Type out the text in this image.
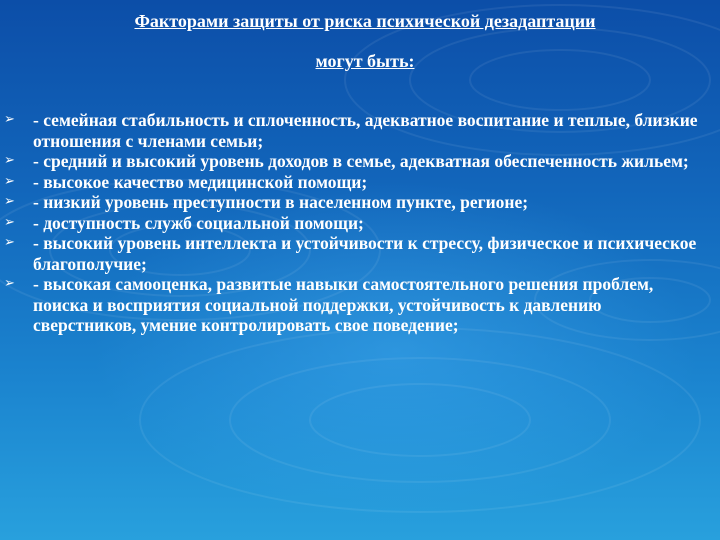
Факторами защиты от риска психической дезадаптации
могут быть:
➢ - семейная стабильность и сплоченность, адекватное воспитание и теплые, близкие отношения с членами семьи;
➢ - средний и высокий уровень доходов в семье, адекватная обеспеченность жильем;
➢ - высокое качество медицинской помощи;
➢ - низкий уровень преступности в населенном пункте, регионе;
➢ - доступность служб социальной помощи;
➢ - высокий уровень интеллекта и устойчивости к стрессу, физическое и психическое благополучие;
➢ - высокая самооценка, развитые навыки самостоятельного решения проблем, поиска и восприятия социальной поддержки, устойчивость к давлению сверстников, умение контролировать свое поведение;
